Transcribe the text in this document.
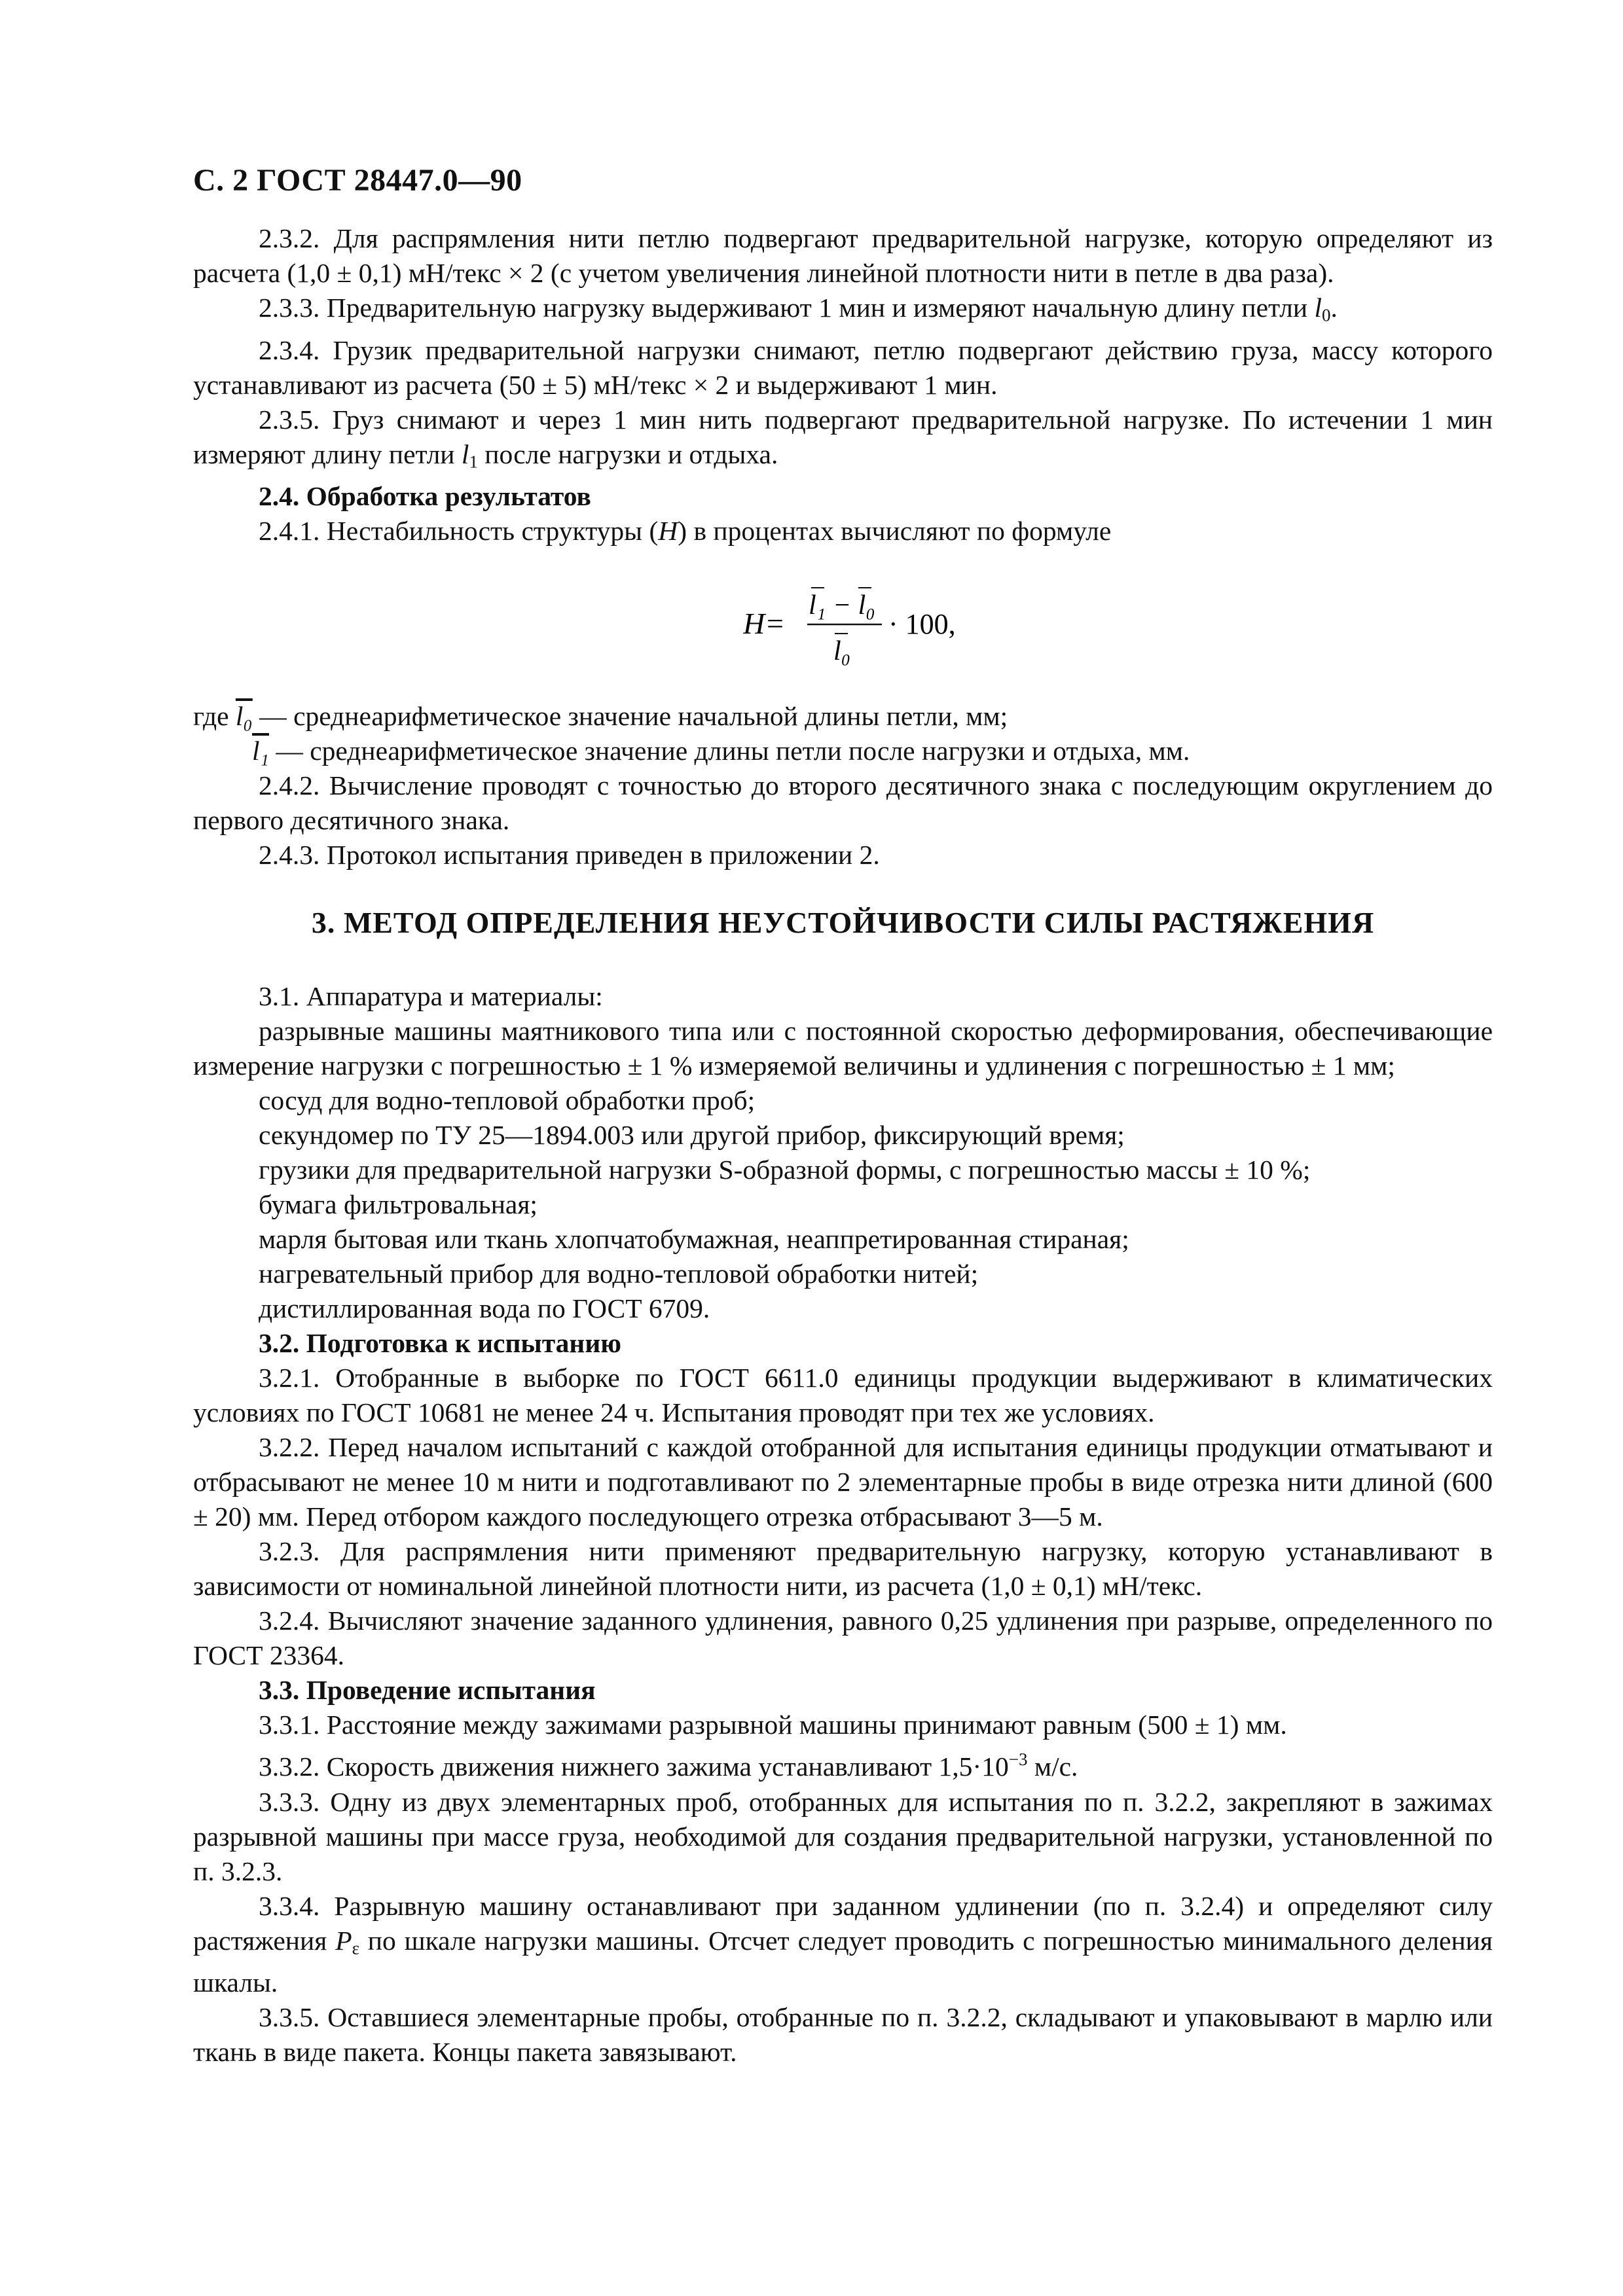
С. 2 ГОСТ 28447.0—90

2.3.2. Для распрямления нити петлю подвергают предварительной нагрузке, которую определяют из расчета (1,0 ± 0,1) мН/текс × 2 (с учетом увеличения линейной плотности нити в петле в два раза).

2.3.3. Предварительную нагрузку выдерживают 1 мин и измеряют начальную длину петли $l_0$.

2.3.4. Грузик предварительной нагрузки снимают, петлю подвергают действию груза, массу которого устанавливают из расчета (50 ± 5) мН/текс × 2 и выдерживают 1 мин.

2.3.5. Груз снимают и через 1 мин нить подвергают предварительной нагрузке. По истечении 1 мин измеряют длину петли $l_1$ после нагрузки и отдыха.

2.4. Обработка результатов

2.4.1. Нестабильность структуры (H) в процентах вычисляют по формуле

H =
l₁ − l₀
l₀
· 100,

где l₀ — среднеарифметическое значение начальной длины петли, мм;

l₁ — среднеарифметическое значение длины петли после нагрузки и отдыха, мм.

2.4.2. Вычисление проводят с точностью до второго десятичного знака с последующим округлением до первого десятичного знака.

2.4.3. Протокол испытания приведен в приложении 2.

3. МЕТОД ОПРЕДЕЛЕНИЯ НЕУСТОЙЧИВОСТИ СИЛЫ РАСТЯЖЕНИЯ

3.1. Аппаратура и материалы:

разрывные машины маятникового типа или с постоянной скоростью деформирования, обеспечивающие измерение нагрузки с погрешностью ± 1 % измеряемой величины и удлинения с погрешностью ± 1 мм;

сосуд для водно-тепловой обработки проб;

секундомер по ТУ 25—1894.003 или другой прибор, фиксирующий время;

грузики для предварительной нагрузки S-образной формы, с погрешностью массы ± 10 %;

бумага фильтровальная;

марля бытовая или ткань хлопчатобумажная, неаппретированная стираная;

нагревательный прибор для водно-тепловой обработки нитей;

дистиллированная вода по ГОСТ 6709.

3.2. Подготовка к испытанию

3.2.1. Отобранные в выборке по ГОСТ 6611.0 единицы продукции выдерживают в климатических условиях по ГОСТ 10681 не менее 24 ч. Испытания проводят при тех же условиях.

3.2.2. Перед началом испытаний с каждой отобранной для испытания единицы продукции отматывают и отбрасывают не менее 10 м нити и подготавливают по 2 элементарные пробы в виде отрезка нити длиной (600 ± 20) мм. Перед отбором каждого последующего отрезка отбрасывают 3—5 м.

3.2.3. Для распрямления нити применяют предварительную нагрузку, которую устанавливают в зависимости от номинальной линейной плотности нити, из расчета (1,0 ± 0,1) мН/текс.

3.2.4. Вычисляют значение заданного удлинения, равного 0,25 удлинения при разрыве, определенного по ГОСТ 23364.

3.3. Проведение испытания

3.3.1. Расстояние между зажимами разрывной машины принимают равным (500 ± 1) мм.

3.3.2. Скорость движения нижнего зажима устанавливают $1,5\cdot 10^{-3}$ м/с.

3.3.3. Одну из двух элементарных проб, отобранных для испытания по п. 3.2.2, закрепляют в зажимах разрывной машины при массе груза, необходимой для создания предварительной нагрузки, установленной по п. 3.2.3.

3.3.4. Разрывную машину останавливают при заданном удлинении (по п. 3.2.4) и определяют силу растяжения $P_\varepsilon$ по шкале нагрузки машины. Отсчет следует проводить с погрешностью минимального деления шкалы.

3.3.5. Оставшиеся элементарные пробы, отобранные по п. 3.2.2, складывают и упаковывают в марлю или ткань в виде пакета. Концы пакета завязывают.
